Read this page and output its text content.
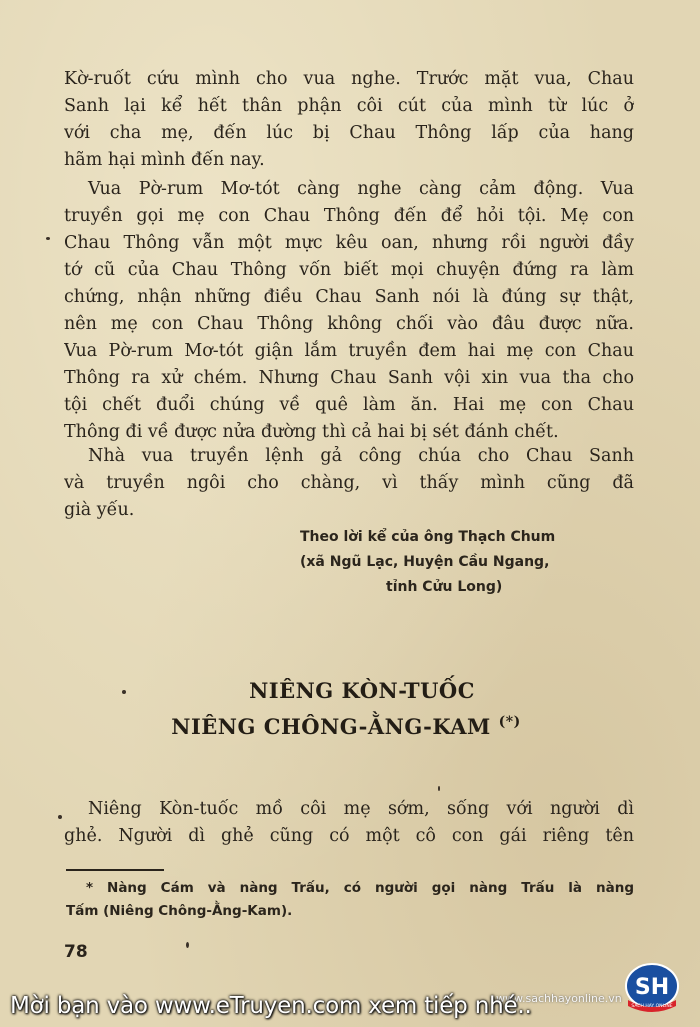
Kờ-ruốt cứu mình cho vua nghe. Trước mặt vua, Chau
Sanh lại kể hết thân phận côi cút của mình từ lúc ở
với cha mẹ, đến lúc bị Chau Thông lấp của hang
hãm hại mình đến nay.
Vua Pờ-rum Mơ-tót càng nghe càng cảm động. Vua
truyền gọi mẹ con Chau Thông đến để hỏi tội. Mẹ con
Chau Thông vẫn một mực kêu oan, nhưng rồi người đầy
tớ cũ của Chau Thông vốn biết mọi chuyện đứng ra làm
chứng, nhận những điều Chau Sanh nói là đúng sự thật,
nên mẹ con Chau Thông không chối vào đâu được nữa.
Vua Pờ-rum Mơ-tót giận lắm truyền đem hai mẹ con Chau
Thông ra xử chém. Nhưng Chau Sanh vội xin vua tha cho
tội chết đuổi chúng về quê làm ăn. Hai mẹ con Chau
Thông đi về được nửa đường thì cả hai bị sét đánh chết.
Nhà vua truyền lệnh gả công chúa cho Chau Sanh
và truyền ngôi cho chàng, vì thấy mình cũng đã
già yếu.
Theo lời kể của ông Thạch Chum
(xã Ngũ Lạc, Huyện Cầu Ngang,
tỉnh Cửu Long)
NIÊNG KÒN-TUỐC
NIÊNG CHÔNG-ẰNG-KAM (*)
Niêng Kòn-tuốc mồ côi mẹ sớm, sống với người dì
ghẻ. Người dì ghẻ cũng có một cô con gái riêng tên
* Nàng Cám và nàng Trấu, có người gọi nàng Trấu là nàng
Tấm (Niêng Chông-Ằng-Kam).
78
www.sachhayonline.vn
Mời bạn vào www.eTruyen.com xem tiếp nhé..
SH
SÁCH HAY ONLINE
